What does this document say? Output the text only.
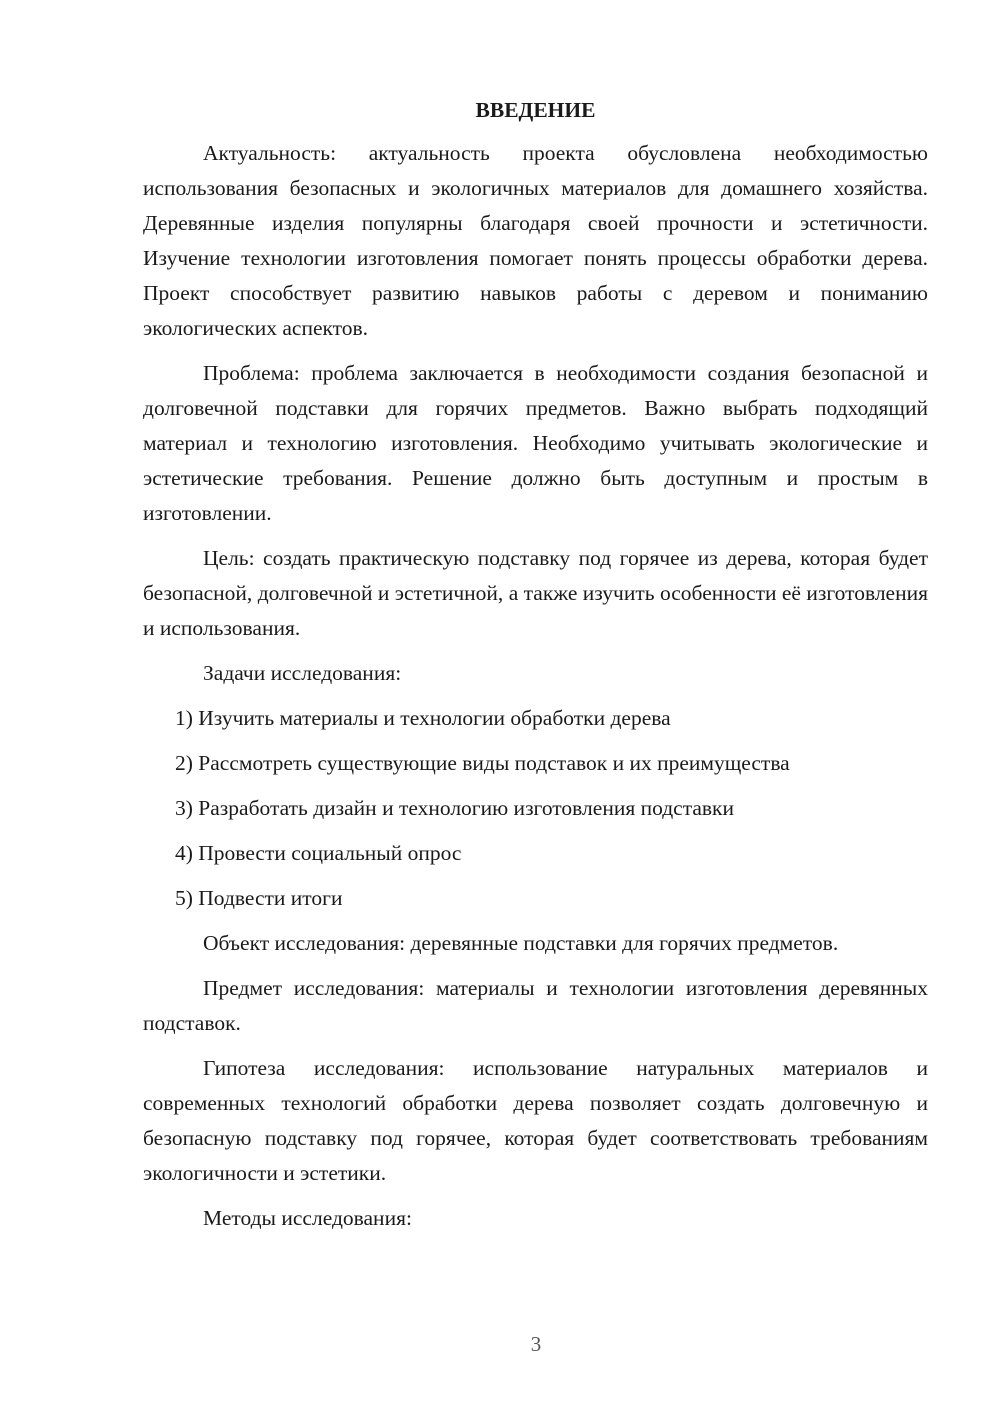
ВВЕДЕНИЕ

Актуальность: актуальность проекта обусловлена необходимостью использования безопасных и экологичных материалов для домашнего хозяйства. Деревянные изделия популярны благодаря своей прочности и эстетичности. Изучение технологии изготовления помогает понять процессы обработки дерева. Проект способствует развитию навыков работы с деревом и пониманию экологических аспектов.

Проблема: проблема заключается в необходимости создания безопасной и долговечной подставки для горячих предметов. Важно выбрать подходящий материал и технологию изготовления. Необходимо учитывать экологические и эстетические требования. Решение должно быть доступным и простым в изготовлении.

Цель: создать практическую подставку под горячее из дерева, которая будет безопасной, долговечной и эстетичной, а также изучить особенности её изготовления и использования.

Задачи исследования:

1) Изучить материалы и технологии обработки дерева
2) Рассмотреть существующие виды подставок и их преимущества
3) Разработать дизайн и технологию изготовления подставки
4) Провести социальный опрос
5) Подвести итоги

Объект исследования: деревянные подставки для горячих предметов.

Предмет исследования: материалы и технологии изготовления деревянных подставок.

Гипотеза исследования: использование натуральных материалов и современных технологий обработки дерева позволяет создать долговечную и безопасную подставку под горячее, которая будет соответствовать требованиям экологичности и эстетики.

Методы исследования:

3
